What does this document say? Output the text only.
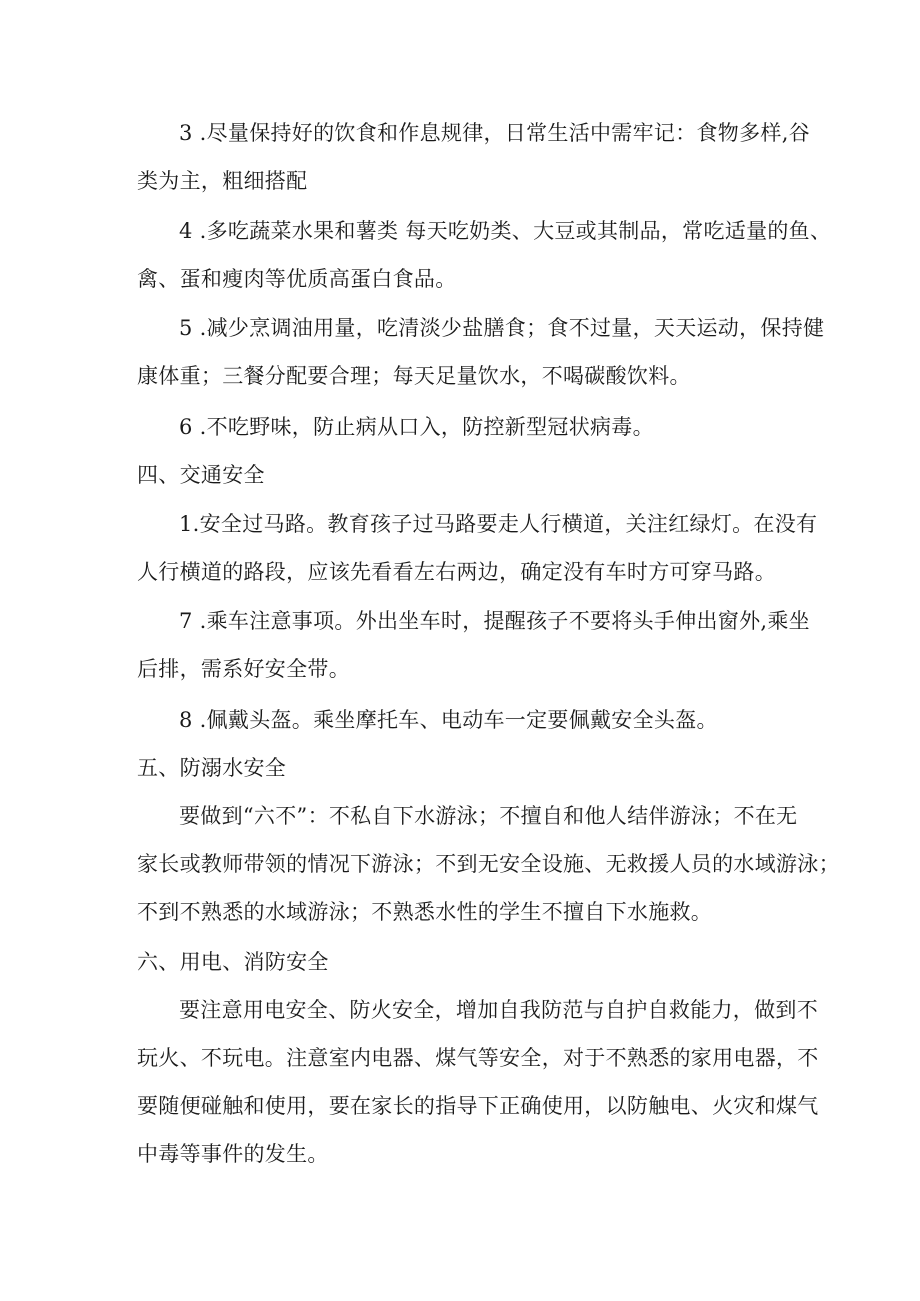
3 .尽量保持好的饮食和作息规律，日常生活中需牢记：食物多样,谷
类为主，粗细搭配
4 .多吃蔬菜水果和薯类 每天吃奶类、大豆或其制品，常吃适量的鱼、
禽、蛋和瘦肉等优质高蛋白食品。
5 .减少烹调油用量，吃清淡少盐膳食；食不过量，天天运动，保持健
康体重；三餐分配要合理；每天足量饮水，不喝碳酸饮料。
6 .不吃野味，防止病从口入，防控新型冠状病毒。
四、交通安全
1.安全过马路。教育孩子过马路要走人行横道，关注红绿灯。在没有
人行横道的路段，应该先看看左右两边，确定没有车时方可穿马路。
7 .乘车注意事项。外出坐车时，提醒孩子不要将头手伸出窗外,乘坐
后排，需系好安全带。
8 .佩戴头盔。乘坐摩托车、电动车一定要佩戴安全头盔。
五、防溺水安全
要做到“六不”：不私自下水游泳；不擅自和他人结伴游泳；不在无
家长或教师带领的情况下游泳；不到无安全设施、无救援人员的水域游泳；
不到不熟悉的水域游泳；不熟悉水性的学生不擅自下水施救。
六、用电、消防安全
要注意用电安全、防火安全，增加自我防范与自护自救能力，做到不
玩火、不玩电。注意室内电器、煤气等安全，对于不熟悉的家用电器，不
要随便碰触和使用，要在家长的指导下正确使用，以防触电、火灾和煤气
中毒等事件的发生。
